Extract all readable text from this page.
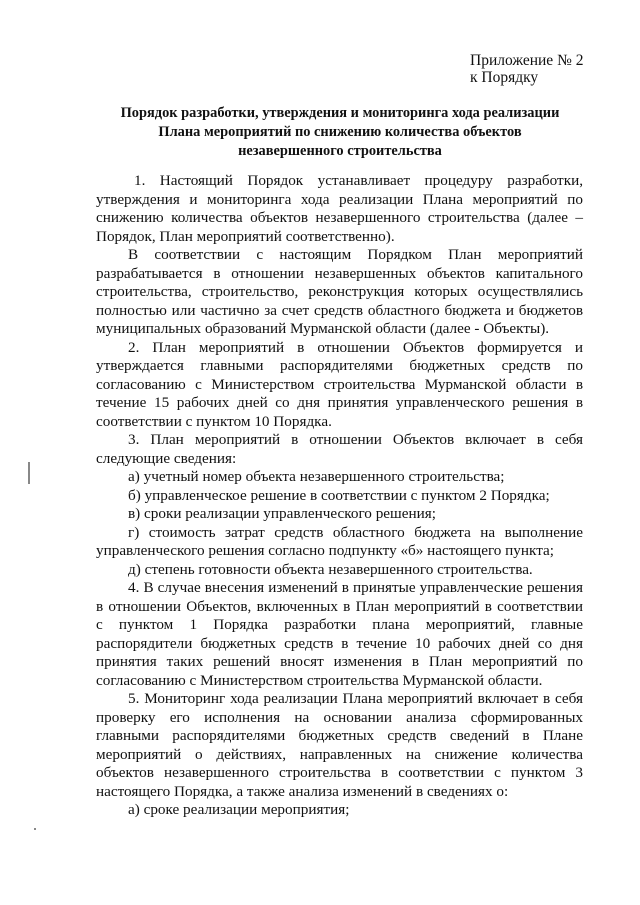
Приложение № 2
к Порядку
Порядок разработки, утверждения и мониторинга хода реализации
Плана мероприятий по снижению количества объектов
незавершенного строительства
1. Настоящий Порядок устанавливает процедуру разработки,
утверждения и мониторинга хода реализации Плана мероприятий по
снижению количества объектов незавершенного строительства (далее –
Порядок, План мероприятий соответственно).
В соответствии с настоящим Порядком План мероприятий
разрабатывается в отношении незавершенных объектов капитального
строительства, строительство, реконструкция которых осуществлялись
полностью или частично за счет средств областного бюджета и бюджетов
муниципальных образований Мурманской области (далее - Объекты).
2. План мероприятий в отношении Объектов формируется и
утверждается главными распорядителями бюджетных средств по
согласованию с Министерством строительства Мурманской области в
течение 15 рабочих дней со дня принятия управленческого решения в
соответствии с пунктом 10 Порядка.
3. План мероприятий в отношении Объектов включает в себя
следующие сведения:
а) учетный номер объекта незавершенного строительства;
б) управленческое решение в соответствии с пунктом 2 Порядка;
в) сроки реализации управленческого решения;
г) стоимость затрат средств областного бюджета на выполнение
управленческого решения согласно подпункту «б» настоящего пункта;
д) степень готовности объекта незавершенного строительства.
4. В случае внесения изменений в принятые управленческие решения
в отношении Объектов, включенных в План мероприятий в соответствии
с пунктом 1 Порядка разработки плана мероприятий, главные
распорядители бюджетных средств в течение 10 рабочих дней со дня
принятия таких решений вносят изменения в План мероприятий по
согласованию с Министерством строительства Мурманской области.
5. Мониторинг хода реализации Плана мероприятий включает в себя
проверку его исполнения на основании анализа сформированных
главными распорядителями бюджетных средств сведений в Плане
мероприятий о действиях, направленных на снижение количества
объектов незавершенного строительства в соответствии с пунктом 3
настоящего Порядка, а также анализа изменений в сведениях о:
а) сроке реализации мероприятия;
